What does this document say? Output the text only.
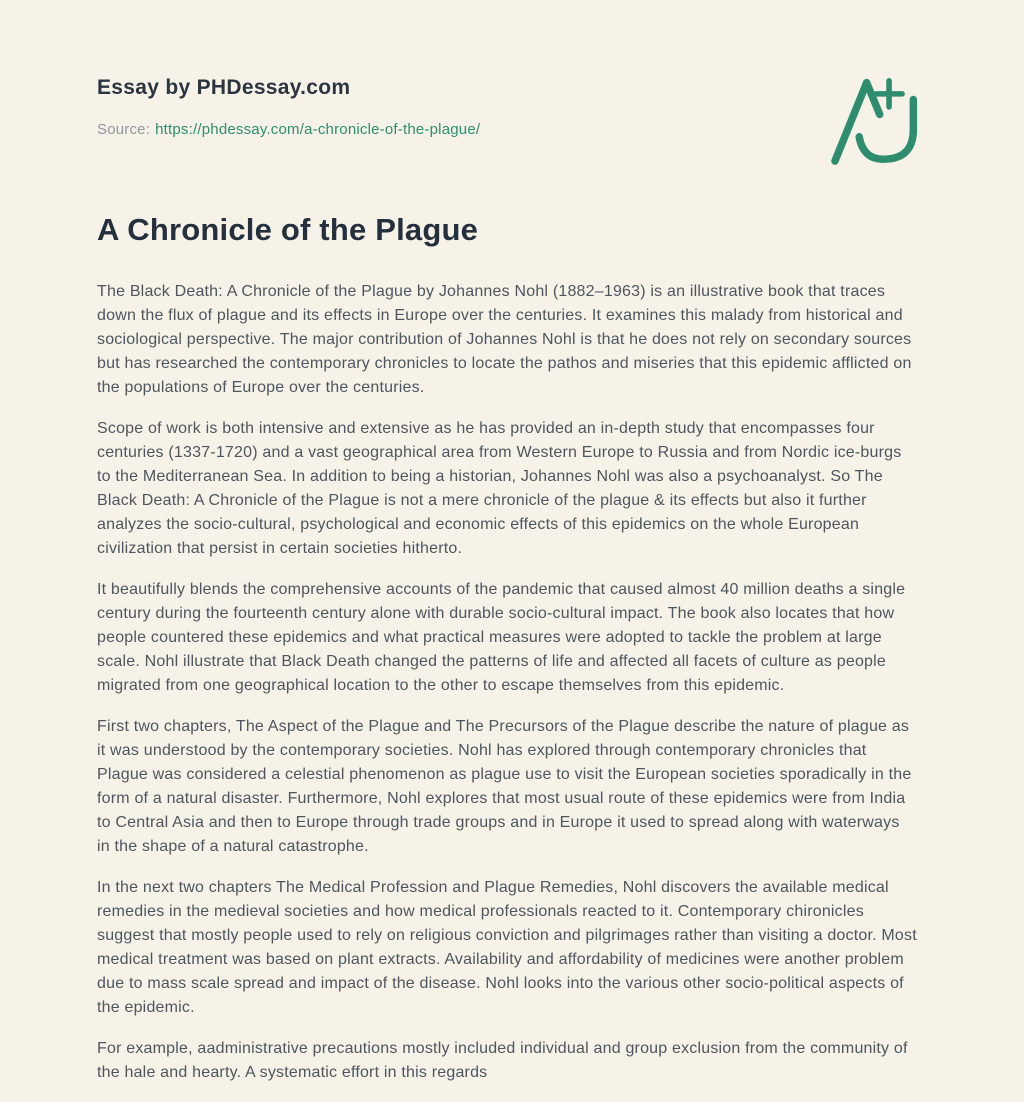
Essay by PHDessay.com
Source: https://phdessay.com/a-chronicle-of-the-plague/
A Chronicle of the Plague

The Black Death: A Chronicle of the Plague by Johannes Nohl (1882–1963) is an illustrative book that traces down the flux of plague and its effects in Europe over the centuries. It examines this malady from historical and sociological perspective. The major contribution of Johannes Nohl is that he does not rely on secondary sources but has researched the contemporary chronicles to locate the pathos and miseries that this epidemic afflicted on the populations of Europe over the centuries.

Scope of work is both intensive and extensive as he has provided an in-depth study that encompasses four centuries (1337-1720) and a vast geographical area from Western Europe to Russia and from Nordic ice-burgs to the Mediterranean Sea. In addition to being a historian, Johannes Nohl was also a psychoanalyst. So The Black Death: A Chronicle of the Plague is not a mere chronicle of the plague & its effects but also it further analyzes the socio-cultural, psychological and economic effects of this epidemics on the whole European civilization that persist in certain societies hitherto.

It beautifully blends the comprehensive accounts of the pandemic that caused almost 40 million deaths a single century during the fourteenth century alone with durable socio-cultural impact. The book also locates that how people countered these epidemics and what practical measures were adopted to tackle the problem at large scale. Nohl illustrate that Black Death changed the patterns of life and affected all facets of culture as people migrated from one geographical location to the other to escape themselves from this epidemic.

First two chapters, The Aspect of the Plague and The Precursors of the Plague describe the nature of plague as it was understood by the contemporary societies. Nohl has explored through contemporary chronicles that Plague was considered a celestial phenomenon as plague use to visit the European societies sporadically in the form of a natural disaster. Furthermore, Nohl explores that most usual route of these epidemics were from India to Central Asia and then to Europe through trade groups and in Europe it used to spread along with waterways in the shape of a natural catastrophe.

In the next two chapters The Medical Profession and Plague Remedies, Nohl discovers the available medical remedies in the medieval societies and how medical professionals reacted to it. Contemporary chironicles suggest that mostly people used to rely on religious conviction and pilgrimages rather than visiting a doctor. Most medical treatment was based on plant extracts. Availability and affordability of medicines were another problem due to mass scale spread and impact of the disease. Nohl looks into the various other socio-political aspects of the epidemic.

For example, aadministrative precautions mostly included individual and group exclusion from the community of the hale and hearty. A systematic effort in this regards
